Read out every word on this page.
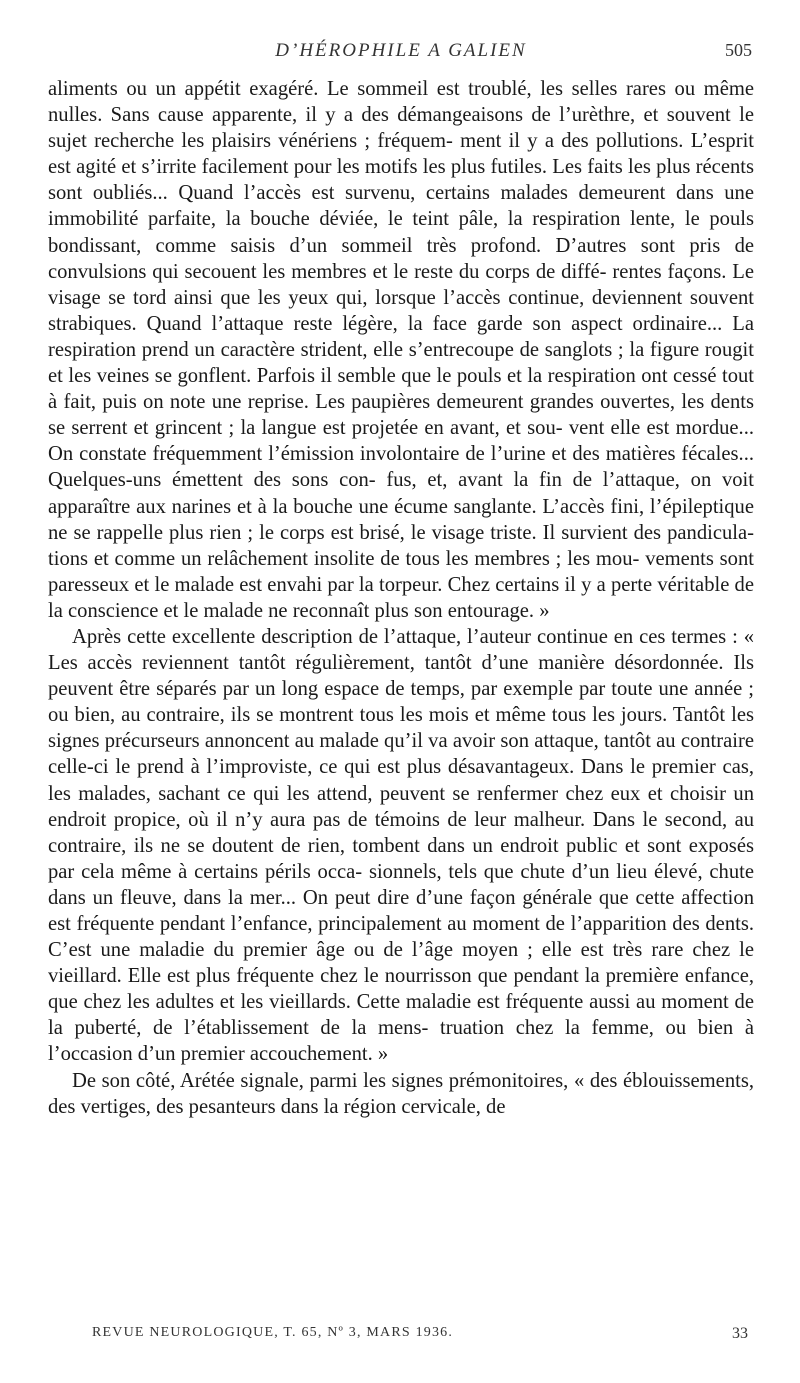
D’HÉROPHILE A GALIEN	505

aliments ou un appétit exagéré. Le sommeil est troublé, les selles rares ou même nulles. Sans cause apparente, il y a des démangeaisons de l’urèthre, et souvent le sujet recherche les plaisirs vénériens ; fréquem- ment il y a des pollutions. L’esprit est agité et s’irrite facilement pour les motifs les plus futiles. Les faits les plus récents sont oubliés... Quand l’accès est survenu, certains malades demeurent dans une immobilité parfaite, la bouche déviée, le teint pâle, la respiration lente, le pouls bondissant, comme saisis d’un sommeil très profond. D’autres sont pris de convulsions qui secouent les membres et le reste du corps de diffé- rentes façons. Le visage se tord ainsi que les yeux qui, lorsque l’accès continue, deviennent souvent strabiques. Quand l’attaque reste légère, la face garde son aspect ordinaire... La respiration prend un caractère strident, elle s’entrecoupe de sanglots ; la figure rougit et les veines se gonflent. Parfois il semble que le pouls et la respiration ont cessé tout à fait, puis on note une reprise. Les paupières demeurent grandes ouvertes, les dents se serrent et grincent ; la langue est projetée en avant, et sou- vent elle est mordue... On constate fréquemment l’émission involontaire de l’urine et des matières fécales... Quelques-uns émettent des sons con- fus, et, avant la fin de l’attaque, on voit apparaître aux narines et à la bouche une écume sanglante. L’accès fini, l’épileptique ne se rappelle plus rien ; le corps est brisé, le visage triste. Il survient des pandicula- tions et comme un relâchement insolite de tous les membres ; les mou- vements sont paresseux et le malade est envahi par la torpeur. Chez certains il y a perte véritable de la conscience et le malade ne reconnaît plus son entourage. »

Après cette excellente description de l’attaque, l’auteur continue en ces termes : « Les accès reviennent tantôt régulièrement, tantôt d’une manière désordonnée. Ils peuvent être séparés par un long espace de temps, par exemple par toute une année ; ou bien, au contraire, ils se montrent tous les mois et même tous les jours. Tantôt les signes précurseurs annoncent au malade qu’il va avoir son attaque, tantôt au contraire celle-ci le prend à l’improviste, ce qui est plus désavantageux. Dans le premier cas, les malades, sachant ce qui les attend, peuvent se renfermer chez eux et choisir un endroit propice, où il n’y aura pas de témoins de leur malheur. Dans le second, au contraire, ils ne se doutent de rien, tombent dans un endroit public et sont exposés par cela même à certains périls occa- sionnels, tels que chute d’un lieu élevé, chute dans un fleuve, dans la mer... On peut dire d’une façon générale que cette affection est fréquente pendant l’enfance, principalement au moment de l’apparition des dents. C’est une maladie du premier âge ou de l’âge moyen ; elle est très rare chez le vieillard. Elle est plus fréquente chez le nourrisson que pendant la première enfance, que chez les adultes et les vieillards. Cette maladie est fréquente aussi au moment de la puberté, de l’établissement de la mens- truation chez la femme, ou bien à l’occasion d’un premier accouchement. »

De son côté, Arétée signale, parmi les signes prémonitoires, « des éblouissements, des vertiges, des pesanteurs dans la région cervicale, de

REVUE NEUROLOGIQUE, T. 65, Nº 3, MARS 1936.	33
